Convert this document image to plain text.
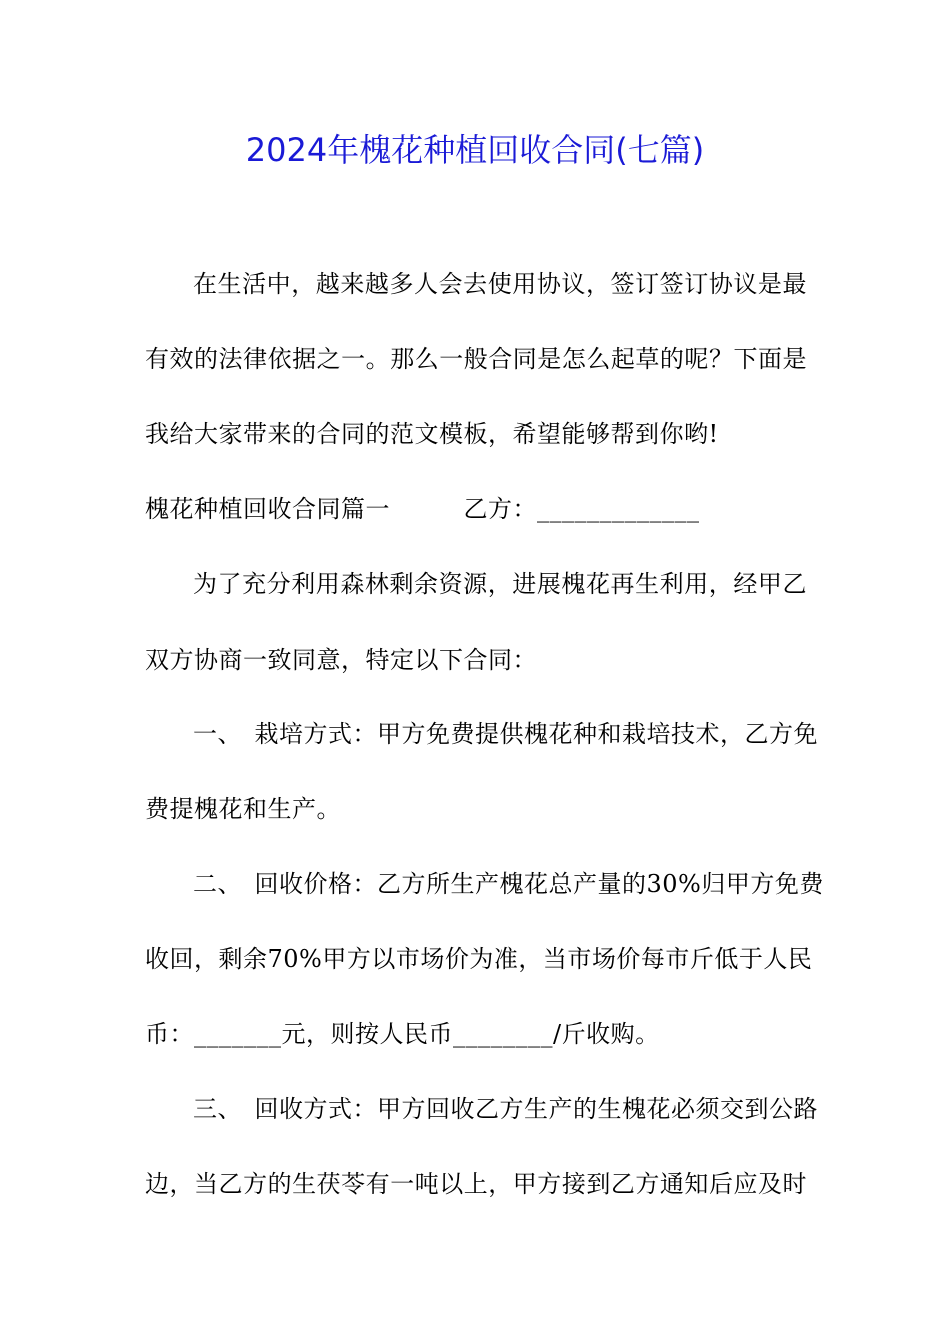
2024年槐花种植回收合同(七篇)
在生活中，越来越多人会去使用协议，签订签订协议是最
有效的法律依据之一。那么一般合同是怎么起草的呢？下面是
我给大家带来的合同的范文模板，希望能够帮到你哟!
槐花种植回收合同篇一　　　乙方：_____________
为了充分利用森林剩余资源，进展槐花再生利用，经甲乙
双方协商一致同意，特定以下合同：
一、　栽培方式：甲方免费提供槐花种和栽培技术，乙方免
费提槐花和生产。
二、　回收价格：乙方所生产槐花总产量的30%归甲方免费
收回，剩余70%甲方以市场价为准，当市场价每市斤低于人民
币：_______元，则按人民币________/斤收购。
三、　回收方式：甲方回收乙方生产的生槐花必须交到公路
边，当乙方的生茯苓有一吨以上，甲方接到乙方通知后应及时
